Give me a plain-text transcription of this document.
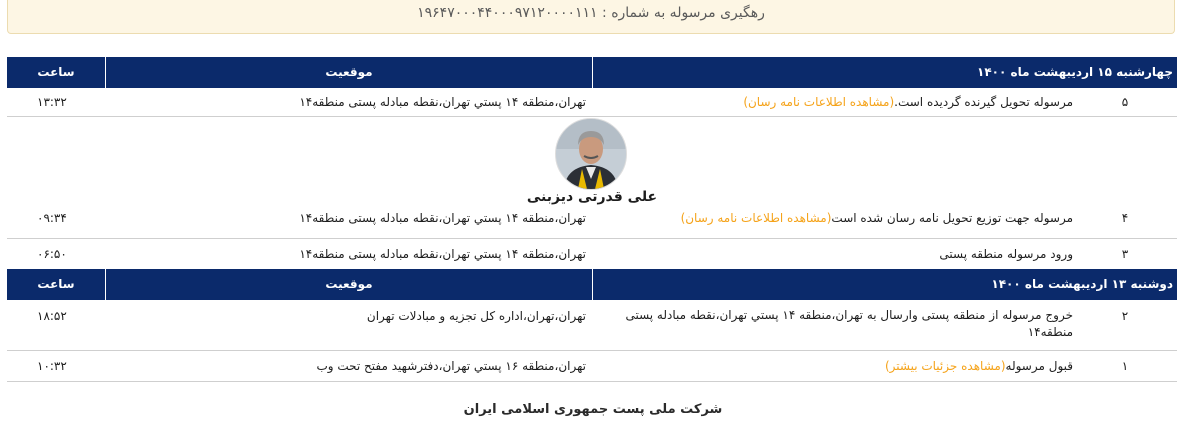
رهگیری مرسوله به شماره : ۱۹۶۴۷۰۰۰۴۴۰۰۰۹۷۱۲۰۰۰۰۱۱۱
چهارشنبه ۱۵ اردیبهشت ماه ۱۴۰۰
موقعیت
ساعت
۵
مرسوله تحویل گیرنده گردیده است.(مشاهده اطلاعات نامه رسان)
تهران،منطقه ۱۴ پستي تهران،نقطه مبادله پستی منطقه۱۴
۱۳:۳۲
علی قدرتی دیزبنی
۴
مرسوله جهت توزیع تحویل نامه رسان شده است(مشاهده اطلاعات نامه رسان)
تهران،منطقه ۱۴ پستي تهران،نقطه مبادله پستی منطقه۱۴
۰۹:۳۴
۳
ورود مرسوله منطقه پستی
تهران،منطقه ۱۴ پستي تهران،نقطه مبادله پستی منطقه۱۴
۰۶:۵۰
دوشنبه ۱۳ اردیبهشت ماه ۱۴۰۰
موقعیت
ساعت
۲
خروج مرسوله از منطقه پستی وارسال به تهران،منطقه ۱۴ پستي تهران،نقطه مبادله پستی منطقه۱۴
تهران،تهران،اداره کل تجزیه و مبادلات تهران
۱۸:۵۲
۱
قبول مرسوله(مشاهده جزئیات بیشتر)
تهران،منطقه ۱۶ پستي تهران،دفترشهید مفتح تحت وب
۱۰:۳۲
شرکت ملی پست جمهوری اسلامی ایران
